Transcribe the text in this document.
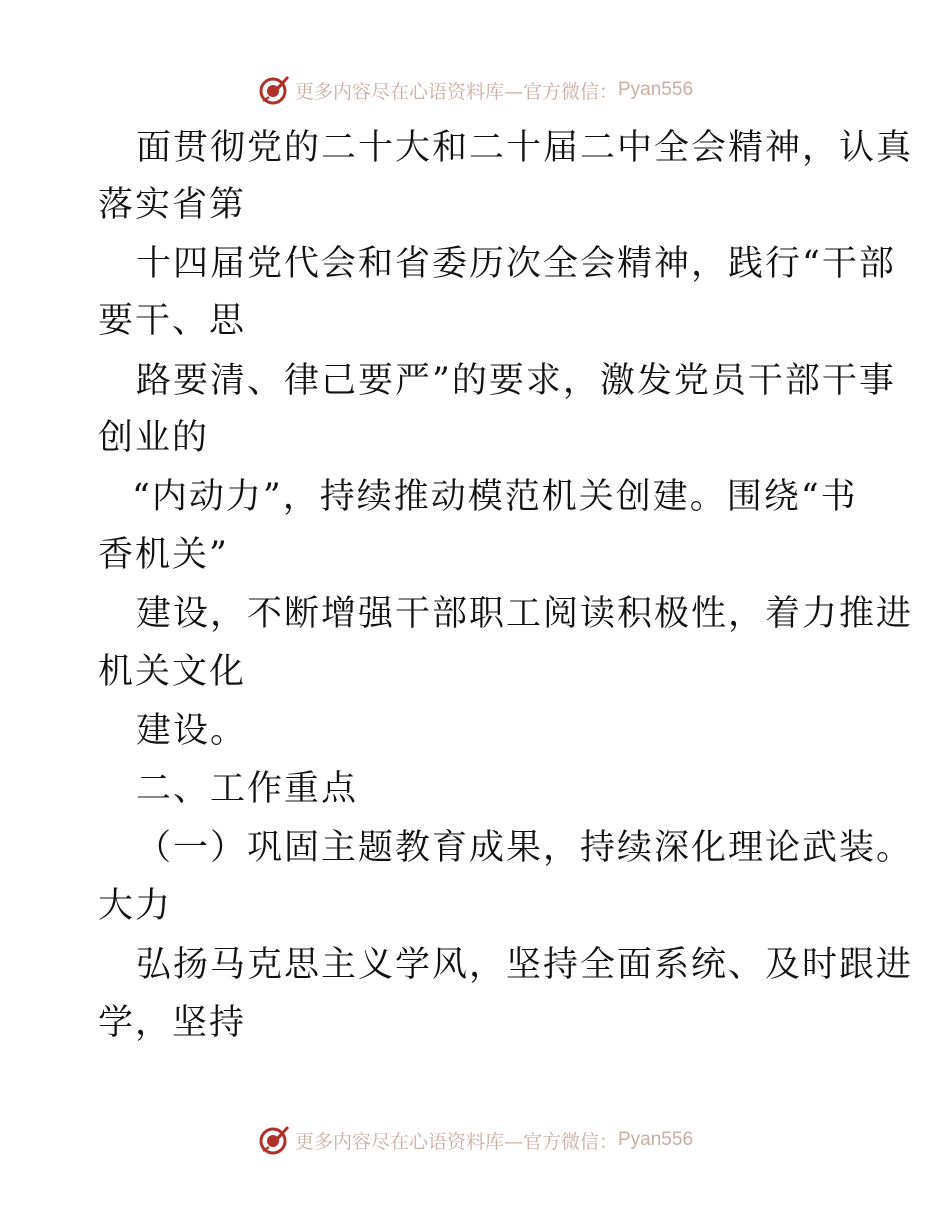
更多内容尽在心语资料库—官方微信： Pyan556
面贯彻党的二十大和二十届二中全会精神，认真
落实省第
十四届党代会和省委历次全会精神，践行“干部
要干、思
路要清、律己要严”的要求，激发党员干部干事
创业的
“内动力”，持续推动模范机关创建。围绕“书
香机关”
建设，不断增强干部职工阅读积极性，着力推进
机关文化
建设。
二、工作重点
（一）巩固主题教育成果，持续深化理论武装。
大力
弘扬马克思主义学风，坚持全面系统、及时跟进
学，坚持
更多内容尽在心语资料库—官方微信： Pyan556
